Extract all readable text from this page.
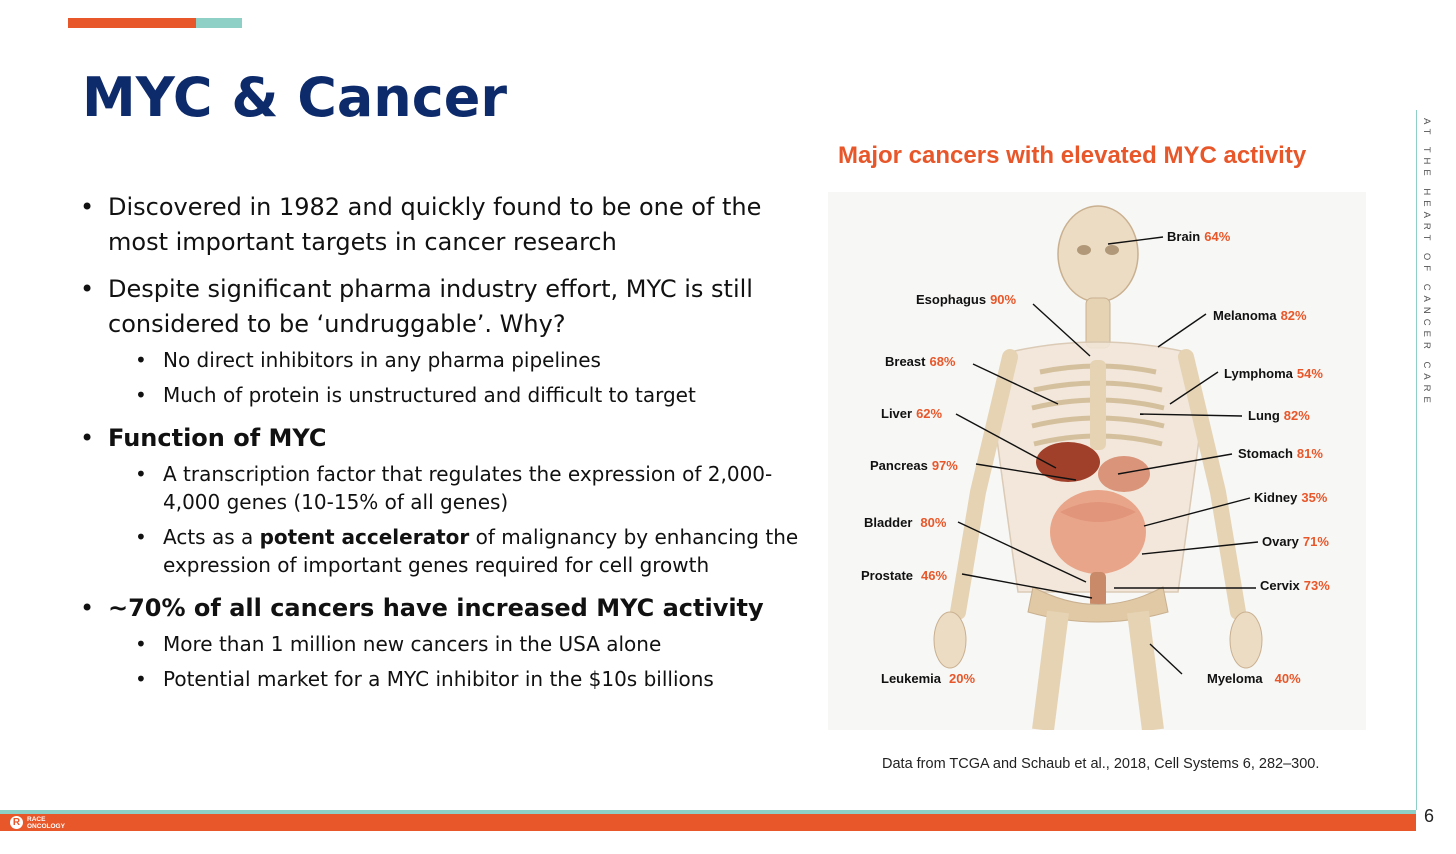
MYC & Cancer
• Discovered in 1982 and quickly found to be one of the most important targets in cancer research
• Despite significant pharma industry effort, MYC is still considered to be ‘undruggable’. Why?
• No direct inhibitors in any pharma pipelines
• Much of protein is unstructured and difficult to target
• Function of MYC
• A transcription factor that regulates the expression of 2,000-4,000 genes (10-15% of all genes)
• Acts as a potent accelerator of malignancy by enhancing the expression of important genes required for cell growth
• ~70% of all cancers have increased MYC activity
• More than 1 million new cancers in the USA alone
• Potential market for a MYC inhibitor in the $10s billions
Major cancers with elevated MYC activity
Brain 64%
Esophagus 90%
Melanoma 82%
Breast 68%
Lymphoma 54%
Liver 62%	Lung 82%
Stomach 81%
Pancreas 97%
Kidney 35%
Bladder 80%
Ovary 71%
Prostate 46%
Cervix 73%
Leukemia 20%	Myeloma 40%

Data from TCGA and Schaub et al., 2018, Cell Systems 6, 282–300.

AT THE HEART OF CANCER CARE
R	RACE
ONCOLOGY	6
